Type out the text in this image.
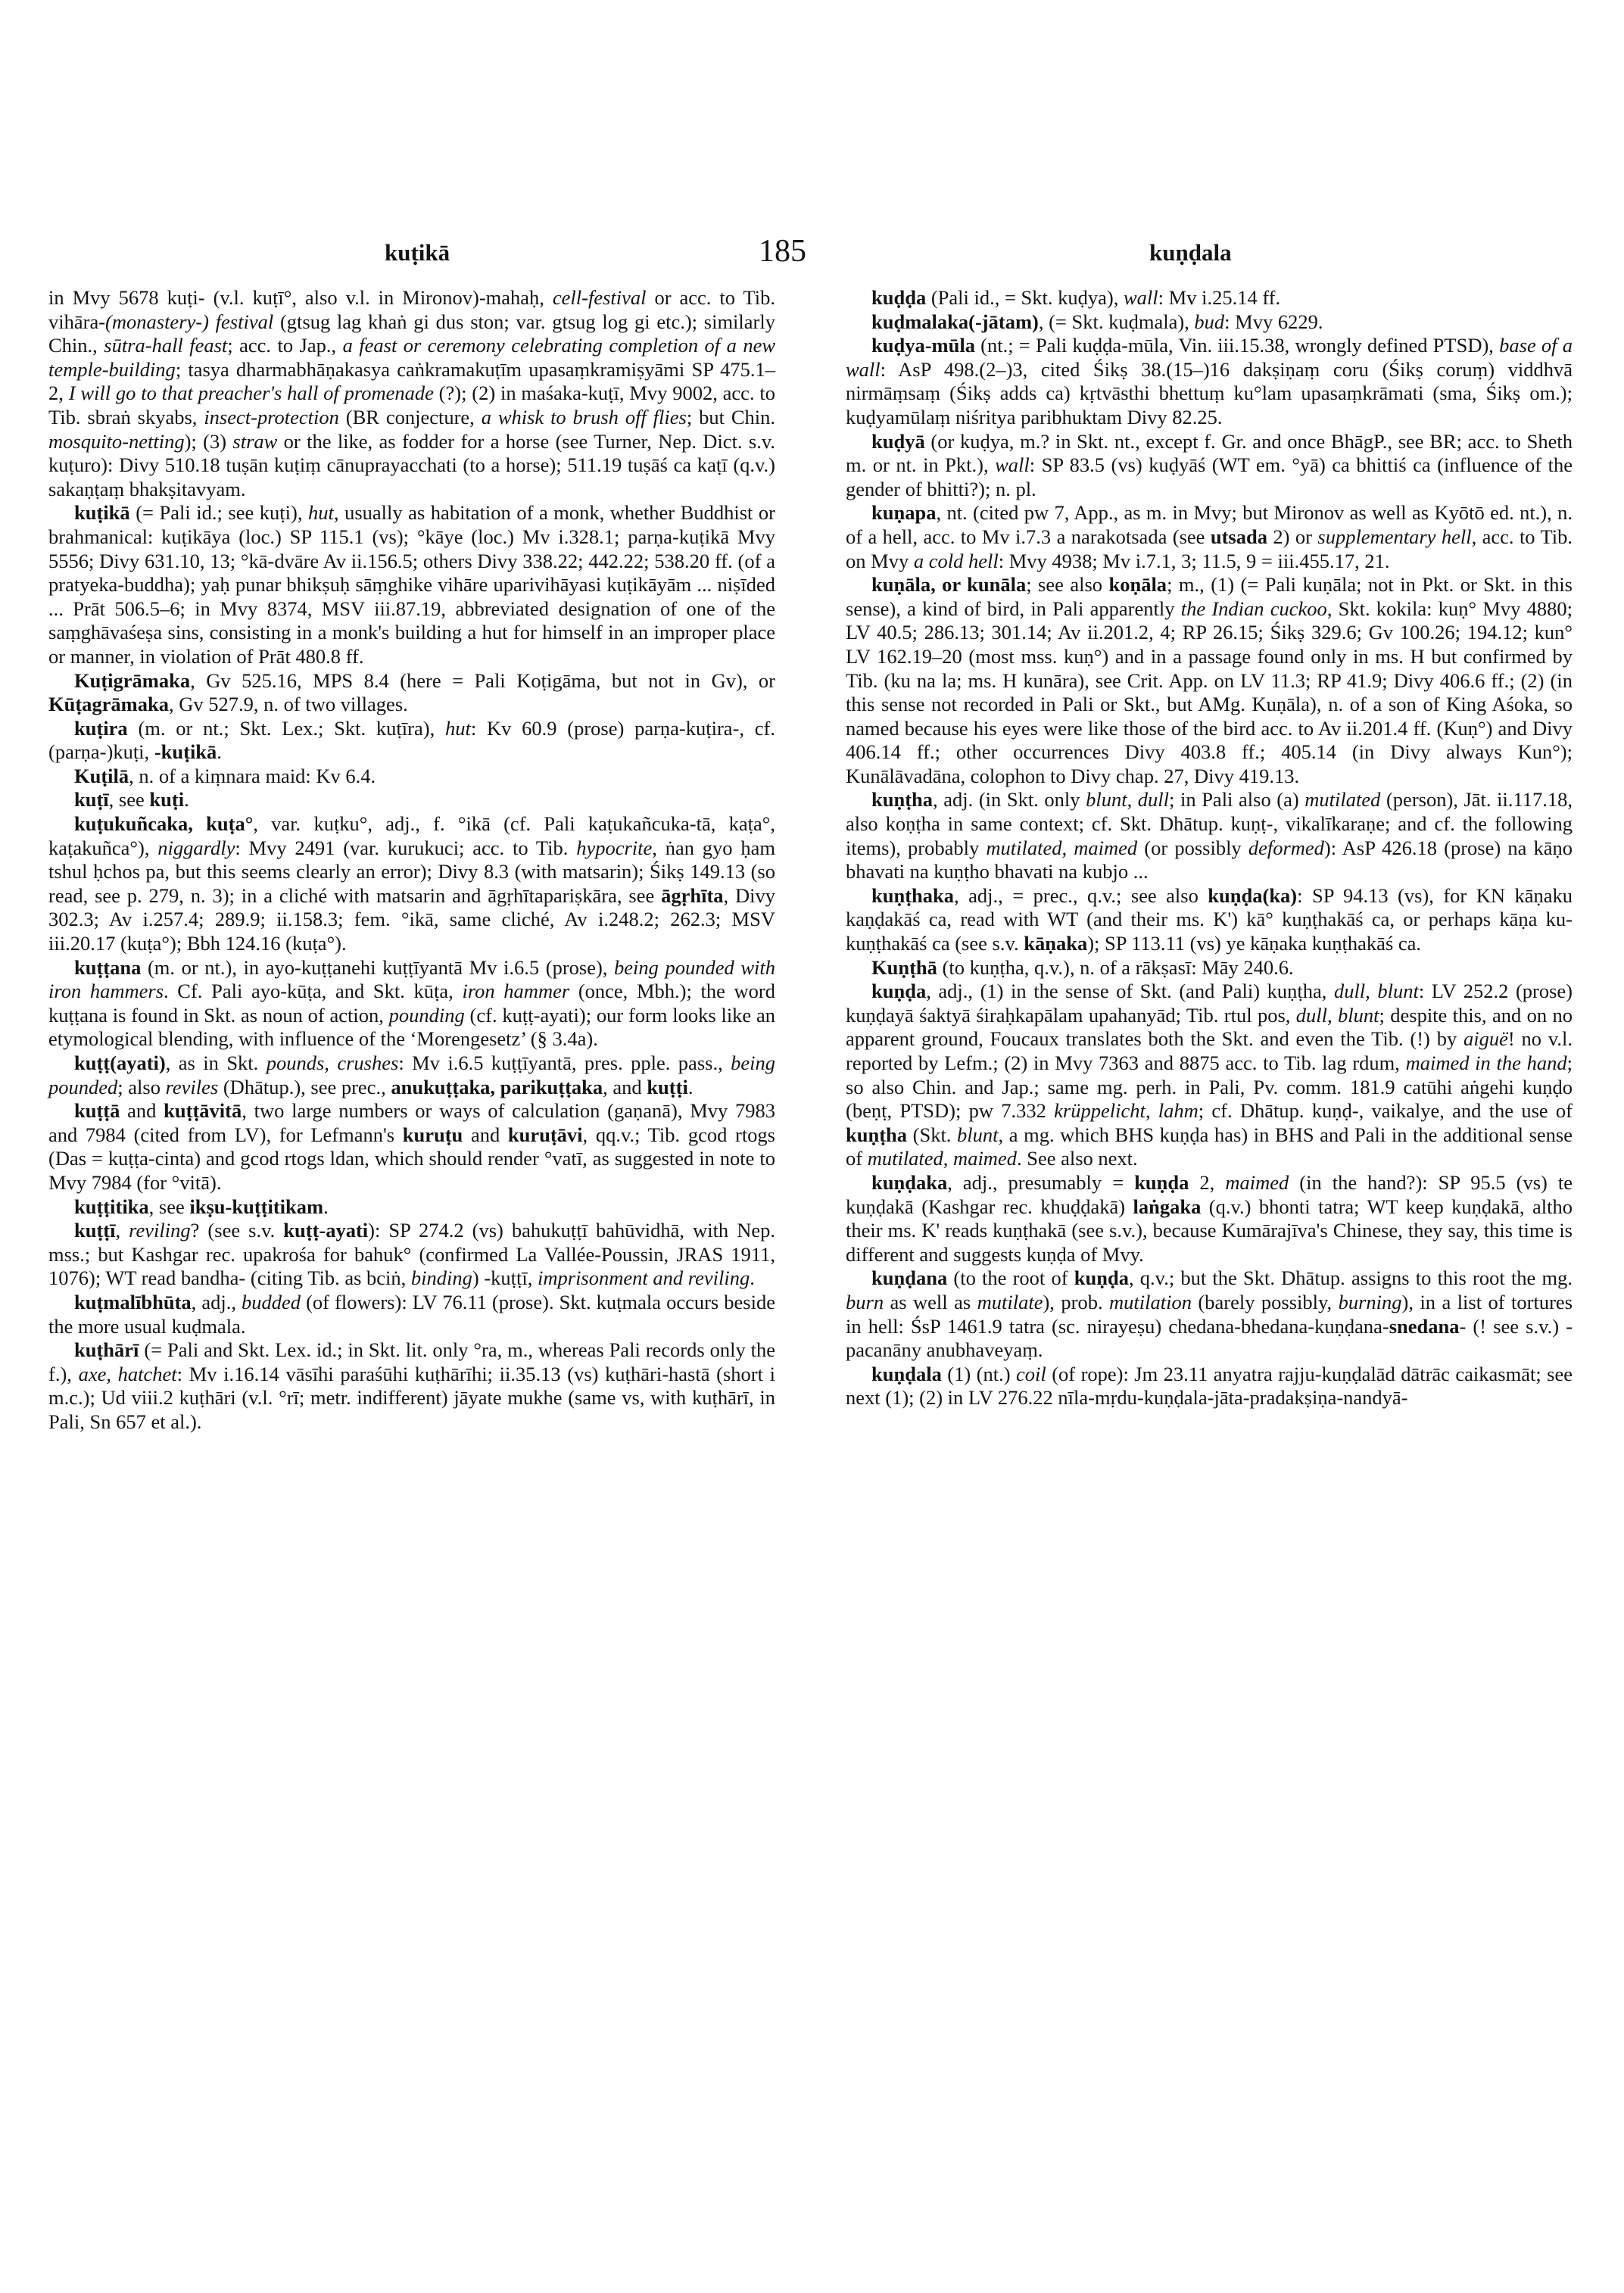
kuṭikā	185	kuṇḍala

in Mvy 5678 kuṭi- (v.l. kuṭī°, also v.l. in Mironov)-mahaḥ, cell-festival or acc. to Tib. vihāra-(monastery-) festival (gtsug lag khaṅ gi dus ston; var. gtsug log gi etc.); similarly Chin., sūtra-hall feast; acc. to Jap., a feast or ceremony celebrating completion of a new temple-building; tasya dharmabhāṇakasya caṅkramakuṭīm upasaṃkramiṣyāmi SP 475.1–2, I will go to that preacher's hall of promenade (?); (2) in maśaka-kuṭī, Mvy 9002, acc. to Tib. sbraṅ skyabs, insect-protection (BR conjecture, a whisk to brush off flies; but Chin. mosquito-netting); (3) straw or the like, as fodder for a horse (see Turner, Nep. Dict. s.v. kuṭuro): Divy 510.18 tuṣān kuṭiṃ cānuprayacchati (to a horse); 511.19 tuṣāś ca kaṭī (q.v.) sakaṇṭaṃ bhakṣitavyam.

kuṭikā (= Pali id.; see kuṭi), hut, usually as habitation of a monk, whether Buddhist or brahmanical: kuṭikāya (loc.) SP 115.1 (vs); °kāye (loc.) Mv i.328.1; parṇa-kuṭikā Mvy 5556; Divy 631.10, 13; °kā-dvāre Av ii.156.5; others Divy 338.22; 442.22; 538.20 ff. (of a pratyeka-buddha); yaḥ punar bhikṣuḥ sāṃghike vihāre uparivihāyasi kuṭikāyām ... niṣīded ... Prāt 506.5–6; in Mvy 8374, MSV iii.87.19, abbreviated designation of one of the saṃghāvaśeṣa sins, consisting in a monk's building a hut for himself in an improper place or manner, in violation of Prāt 480.8 ff.

Kuṭigrāmaka, Gv 525.16, MPS 8.4 (here = Pali Koṭigāma, but not in Gv), or Kūṭagrāmaka, Gv 527.9, n. of two villages.

kuṭira (m. or nt.; Skt. Lex.; Skt. kuṭīra), hut: Kv 60.9 (prose) parṇa-kuṭira-, cf. (parṇa-)kuṭi, -kuṭikā.

Kuṭilā, n. of a kiṃnara maid: Kv 6.4.

kuṭī, see kuṭi.

kuṭukuñcaka, kuṭa°, var. kuṭku°, adj., f. °ikā (cf. Pali kaṭukañcuka-tā, kaṭa°, kaṭakuñca°), niggardly: Mvy 2491 (var. kurukuci; acc. to Tib. hypocrite, ṅan gyo ḥam tshul ḥchos pa, but this seems clearly an error); Divy 8.3 (with matsarin); Śikṣ 149.13 (so read, see p. 279, n. 3); in a cliché with matsarin and āgṛhītapariṣkāra, see āgṛhīta, Divy 302.3; Av i.257.4; 289.9; ii.158.3; fem. °ikā, same cliché, Av i.248.2; 262.3; MSV iii.20.17 (kuṭa°); Bbh 124.16 (kuṭa°).

kuṭṭana (m. or nt.), in ayo-kuṭṭanehi kuṭṭīyantā Mv i.6.5 (prose), being pounded with iron hammers. Cf. Pali ayo-kūṭa, and Skt. kūṭa, iron hammer (once, Mbh.); the word kuṭṭana is found in Skt. as noun of action, pounding (cf. kuṭṭ-ayati); our form looks like an etymological blending, with influence of the ‘Morengesetz’ (§ 3.4a).

kuṭṭ(ayati), as in Skt. pounds, crushes: Mv i.6.5 kuṭṭīyantā, pres. pple. pass., being pounded; also reviles (Dhātup.), see prec., anukuṭṭaka, parikuṭṭaka, and kuṭṭi.

kuṭṭā and kuṭṭāvitā, two large numbers or ways of calculation (gaṇanā), Mvy 7983 and 7984 (cited from LV), for Lefmann's kuruṭu and kuruṭāvi, qq.v.; Tib. gcod rtogs (Das = kuṭṭa-cinta) and gcod rtogs ldan, which should render °vatī, as suggested in note to Mvy 7984 (for °vitā).

kuṭṭitika, see ikṣu-kuṭṭitikam.

kuṭṭī, reviling? (see s.v. kuṭṭ-ayati): SP 274.2 (vs) bahukuṭṭī bahūvidhā, with Nep. mss.; but Kashgar rec. upakrośa for bahuk° (confirmed La Vallée-Poussin, JRAS 1911, 1076); WT read bandha- (citing Tib. as bciṅ, binding) -kuṭṭī, imprisonment and reviling.

kuṭmalībhūta, adj., budded (of flowers): LV 76.11 (prose). Skt. kuṭmala occurs beside the more usual kuḍmala.

kuṭhārī (= Pali and Skt. Lex. id.; in Skt. lit. only °ra, m., whereas Pali records only the f.), axe, hatchet: Mv i.16.14 vāsīhi paraśūhi kuṭhārīhi; ii.35.13 (vs) kuṭhāri-hastā (short i m.c.); Ud viii.2 kuṭhāri (v.l. °rī; metr. indifferent) jāyate mukhe (same vs, with kuṭhārī, in Pali, Sn 657 et al.).

kuḍḍa (Pali id., = Skt. kuḍya), wall: Mv i.25.14 ff.

kuḍmalaka(-jātam), (= Skt. kuḍmala), bud: Mvy 6229.

kuḍya-mūla (nt.; = Pali kuḍḍa-mūla, Vin. iii.15.38, wrongly defined PTSD), base of a wall: AsP 498.(2–)3, cited Śikṣ 38.(15–)16 dakṣiṇaṃ coru (Śikṣ coruṃ) viddhvā nirmāṃsaṃ (Śikṣ adds ca) kṛtvāsthi bhettuṃ ku°lam upasaṃkrāmati (sma, Śikṣ om.); kuḍyamūlaṃ niśritya paribhuktam Divy 82.25.

kuḍyā (or kuḍya, m.? in Skt. nt., except f. Gr. and once BhāgP., see BR; acc. to Sheth m. or nt. in Pkt.), wall: SP 83.5 (vs) kuḍyāś (WT em. °yā) ca bhittiś ca (influence of the gender of bhitti?); n. pl.

kuṇapa, nt. (cited pw 7, App., as m. in Mvy; but Mironov as well as Kyōtō ed. nt.), n. of a hell, acc. to Mv i.7.3 a narakotsada (see utsada 2) or supplementary hell, acc. to Tib. on Mvy a cold hell: Mvy 4938; Mv i.7.1, 3; 11.5, 9 = iii.455.17, 21.

kuṇāla, or kunāla; see also koṇāla; m., (1) (= Pali kuṇāla; not in Pkt. or Skt. in this sense), a kind of bird, in Pali apparently the Indian cuckoo, Skt. kokila: kuṇ° Mvy 4880; LV 40.5; 286.13; 301.14; Av ii.201.2, 4; RP 26.15; Śikṣ 329.6; Gv 100.26; 194.12; kun° LV 162.19–20 (most mss. kuṇ°) and in a passage found only in ms. H but confirmed by Tib. (ku na la; ms. H kunāra), see Crit. App. on LV 11.3; RP 41.9; Divy 406.6 ff.; (2) (in this sense not recorded in Pali or Skt., but AMg. Kuṇāla), n. of a son of King Aśoka, so named because his eyes were like those of the bird acc. to Av ii.201.4 ff. (Kuṇ°) and Divy 406.14 ff.; other occurrences Divy 403.8 ff.; 405.14 (in Divy always Kun°); Kunālāvadāna, colophon to Divy chap. 27, Divy 419.13.

kuṇṭha, adj. (in Skt. only blunt, dull; in Pali also (a) mutilated (person), Jāt. ii.117.18, also koṇṭha in same context; cf. Skt. Dhātup. kuṇṭ-, vikalīkaraṇe; and cf. the following items), probably mutilated, maimed (or possibly deformed): AsP 426.18 (prose) na kāṇo bhavati na kuṇṭho bhavati na kubjo ...

kuṇṭhaka, adj., = prec., q.v.; see also kuṇḍa(ka): SP 94.13 (vs), for KN kāṇaku kaṇḍakāś ca, read with WT (and their ms. K') kā° kuṇṭhakāś ca, or perhaps kāṇa ku-kuṇṭhakāś ca (see s.v. kāṇaka); SP 113.11 (vs) ye kāṇaka kuṇṭhakāś ca.

Kuṇṭhā (to kuṇṭha, q.v.), n. of a rākṣasī: Māy 240.6.

kuṇḍa, adj., (1) in the sense of Skt. (and Pali) kuṇṭha, dull, blunt: LV 252.2 (prose) kuṇḍayā śaktyā śiraḥkapālam upahanyād; Tib. rtul pos, dull, blunt; despite this, and on no apparent ground, Foucaux translates both the Skt. and even the Tib. (!) by aiguë! no v.l. reported by Lefm.; (2) in Mvy 7363 and 8875 acc. to Tib. lag rdum, maimed in the hand; so also Chin. and Jap.; same mg. perh. in Pali, Pv. comm. 181.9 catūhi aṅgehi kuṇḍo (beṇṭ, PTSD); pw 7.332 krüppelicht, lahm; cf. Dhātup. kuṇḍ-, vaikalye, and the use of kuṇṭha (Skt. blunt, a mg. which BHS kuṇḍa has) in BHS and Pali in the additional sense of mutilated, maimed. See also next.

kuṇḍaka, adj., presumably = kuṇḍa 2, maimed (in the hand?): SP 95.5 (vs) te kuṇḍakā (Kashgar rec. khuḍḍakā) laṅgaka (q.v.) bhonti tatra; WT keep kuṇḍakā, altho their ms. K' reads kuṇṭhakā (see s.v.), because Kumārajīva's Chinese, they say, this time is different and suggests kuṇḍa of Mvy.

kuṇḍana (to the root of kuṇḍa, q.v.; but the Skt. Dhātup. assigns to this root the mg. burn as well as mutilate), prob. mutilation (barely possibly, burning), in a list of tortures in hell: ŚsP 1461.9 tatra (sc. nirayeṣu) chedana-bhedana-kuṇḍana-snedana- (! see s.v.) -pacanāny anubhaveyaṃ.

kuṇḍala (1) (nt.) coil (of rope): Jm 23.11 anyatra rajju-kuṇḍalād dātrāc caikasmāt; see next (1); (2) in LV 276.22 nīla-mṛdu-kuṇḍala-jāta-pradakṣiṇa-nandyā-
